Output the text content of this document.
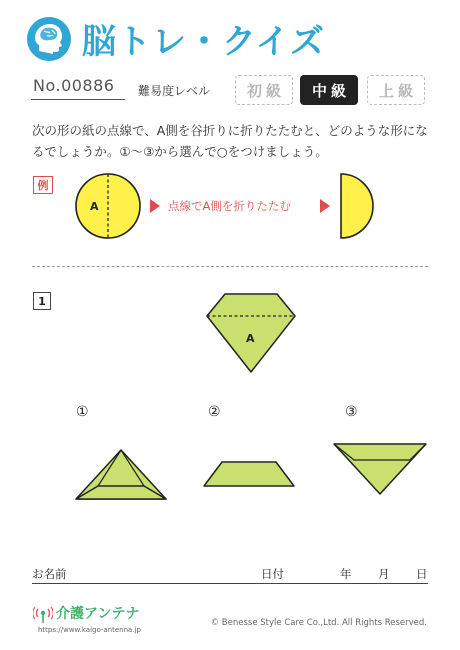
脳トレ・クイズ
No.00886 難易度レベル	初級	中級	上級
次の形の紙の点線で、A側を谷折りに折りたたむと、どのような形になるでしょうか。①～③から選んで○をつけましょう。
例
A	点線でA側を折りたたむ
1
A
①	②	③
お名前	日付	年 月 日
介護アンテナ
https://www.kaigo-antenna.jp
© Benesse Style Care Co.,Ltd. All Rights Reserved.
